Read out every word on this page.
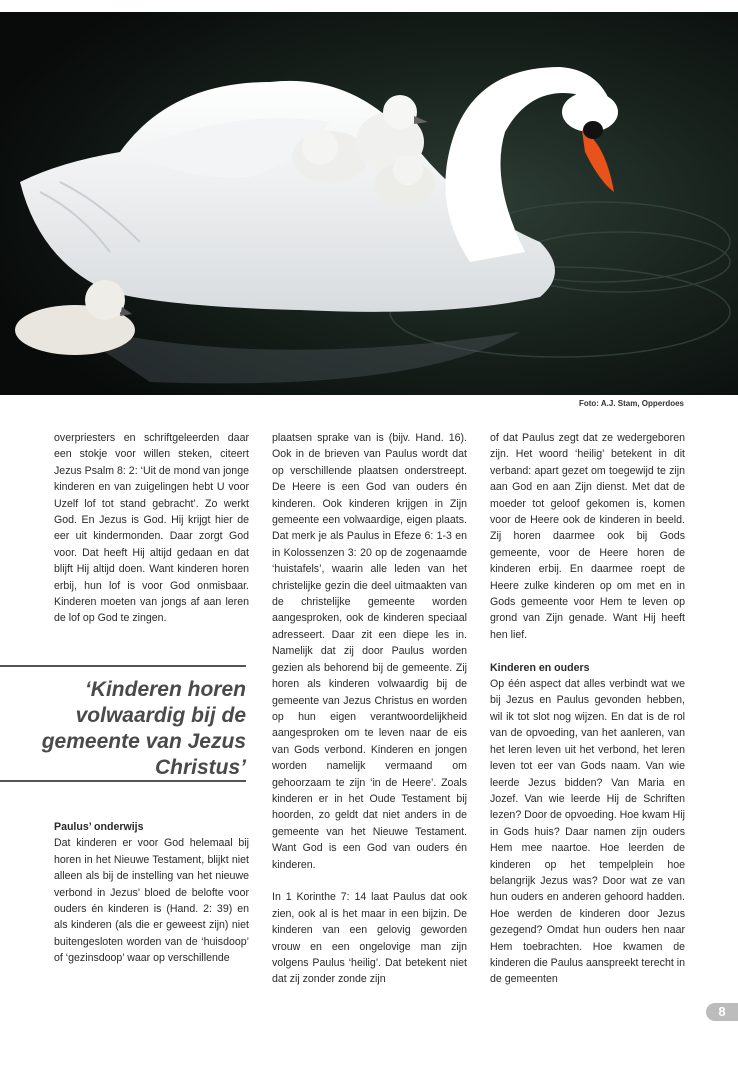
Foto: A.J. Stam, Opperdoes

overpriesters en schriftgeleerden daar een stokje voor willen steken, citeert Jezus Psalm 8: 2: ‘Uit de mond van jonge kinderen en van zuigelingen hebt U voor Uzelf lof tot stand gebracht’. Zo werkt God. En Jezus is God. Hij krijgt hier de eer uit kindermonden. Daar zorgt God voor. Dat heeft Hij altijd gedaan en dat blijft Hij altijd doen. Want kinderen horen erbij, hun lof is voor God onmisbaar. Kinderen moeten van jongs af aan leren de lof op God te zingen.

‘Kinderen horen volwaardig bij de gemeente van Jezus Christus’

Paulus’ onderwijs

Dat kinderen er voor God helemaal bij horen in het Nieuwe Testament, blijkt niet alleen als bij de instelling van het nieuwe verbond in Jezus’ bloed de belofte voor ouders én kinderen is (Hand. 2: 39) en als kinderen (als die er geweest zijn) niet buitengesloten worden van de ‘huisdoop’ of ‘gezinsdoop’ waar op verschillende

plaatsen sprake van is (bijv. Hand. 16). Ook in de brieven van Paulus wordt dat op verschillende plaatsen onderstreept. De Heere is een God van ouders én kinderen. Ook kinderen krijgen in Zijn gemeente een volwaardige, eigen plaats. Dat merk je als Paulus in Efeze 6: 1-3 en in Kolossenzen 3: 20 op de zogenaamde ‘huistafels’, waarin alle leden van het christelijke gezin die deel uitmaakten van de christelijke gemeente worden aangesproken, ook de kinderen speciaal adresseert. Daar zit een diepe les in. Namelijk dat zij door Paulus worden gezien als behorend bij de gemeente. Zij horen als kinderen volwaardig bij de gemeente van Jezus Christus en worden op hun eigen verantwoordelijkheid aangesproken om te leven naar de eis van Gods verbond. Kinderen en jongen worden namelijk vermaand om gehoorzaam te zijn ‘in de Heere’. Zoals kinderen er in het Oude Testament bij hoorden, zo geldt dat niet anders in de gemeente van het Nieuwe Testament. Want God is een God van ouders én kinderen.

In 1 Korinthe 7: 14 laat Paulus dat ook zien, ook al is het maar in een bijzin. De kinderen van een gelovig geworden vrouw en een ongelovige man zijn volgens Paulus ‘heilig’. Dat betekent niet dat zij zonder zonde zijn

of dat Paulus zegt dat ze wedergeboren zijn. Het woord ‘heilig’ betekent in dit verband: apart gezet om toegewijd te zijn aan God en aan Zijn dienst. Met dat de moeder tot geloof gekomen is, komen voor de Heere ook de kinderen in beeld. Zij horen daarmee ook bij Gods gemeente, voor de Heere horen de kinderen erbij. En daarmee roept de Heere zulke kinderen op om met en in Gods gemeente voor Hem te leven op grond van Zijn genade. Want Hij heeft hen lief.

Kinderen en ouders

Op één aspect dat alles verbindt wat we bij Jezus en Paulus gevonden hebben, wil ik tot slot nog wijzen. En dat is de rol van de opvoeding, van het aanleren, van het leren leven uit het verbond, het leren leven tot eer van Gods naam. Van wie leerde Jezus bidden? Van Maria en Jozef. Van wie leerde Hij de Schriften lezen? Door de opvoeding. Hoe kwam Hij in Gods huis? Daar namen zijn ouders Hem mee naartoe. Hoe leerden de kinderen op het tempelplein hoe belangrijk Jezus was? Door wat ze van hun ouders en anderen gehoord hadden. Hoe werden de kinderen door Jezus gezegend? Omdat hun ouders hen naar Hem toebrachten. Hoe kwamen de kinderen die Paulus aanspreekt terecht in de gemeenten

8
